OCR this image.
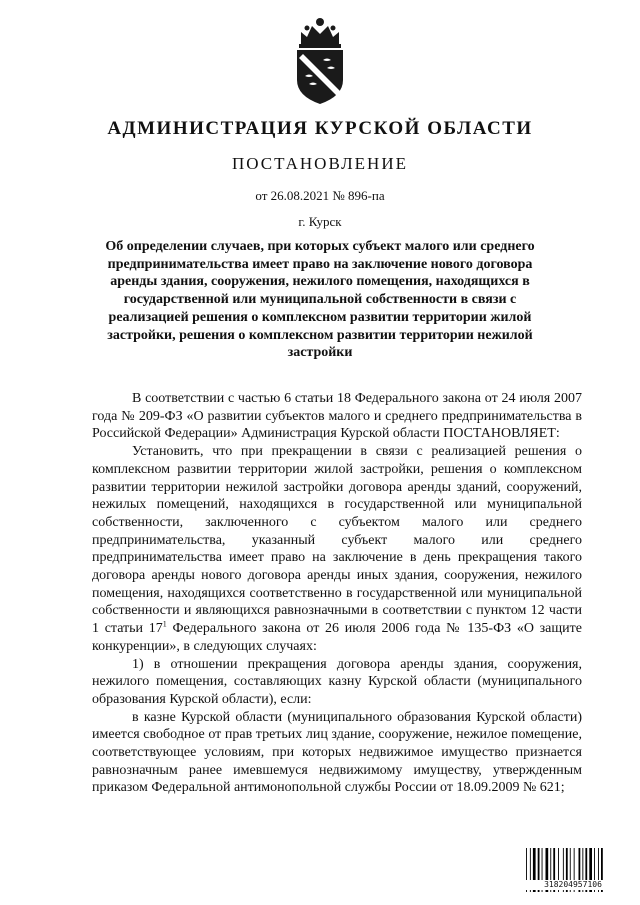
АДМИНИСТРАЦИЯ КУРСКОЙ ОБЛАСТИ
ПОСТАНОВЛЕНИЕ
от 26.08.2021 № 896-па
г. Курск
Об определении случаев, при которых субъект малого или среднего предпринимательства имеет право на заключение нового договора аренды здания, сооружения, нежилого помещения, находящихся в государственной или муниципальной собственности в связи с реализацией решения о комплексном развитии территории жилой застройки, решения о комплексном развитии территории нежилой застройки

В соответствии с частью 6 статьи 18 Федерального закона от 24 июля 2007 года № 209-ФЗ «О развитии субъектов малого и среднего предпринимательства в Российской Федерации» Администрация Курской области ПОСТАНОВЛЯЕТ:

Установить, что при прекращении в связи с реализацией решения о комплексном развитии территории жилой застройки, решения о комплексном развитии территории нежилой застройки договора аренды зданий, сооружений, нежилых помещений, находящихся в государственной или муниципальной собственности, заключенного с субъектом малого или среднего предпринимательства, указанный субъект малого или среднего предпринимательства имеет право на заключение в день прекращения такого договора аренды нового договора аренды иных здания, сооружения, нежилого помещения, находящихся соответственно в государственной или муниципальной собственности и являющихся равнозначными в соответствии с пунктом 12 части 1 статьи $17^1$ Федерального закона от 26 июля 2006 года № 135-ФЗ «О защите конкуренции», в следующих случаях:

1) в отношении прекращения договора аренды здания, сооружения, нежилого помещения, составляющих казну Курской области (муниципального образования Курской области), если:

в казне Курской области (муниципального образования Курской области) имеется свободное от прав третьих лиц здание, сооружение, нежилое помещение, соответствующее условиям, при которых недвижимое имущество признается равнозначным ранее имевшемуся недвижимому имуществу, утвержденным приказом Федеральной антимонопольной службы России от 18.09.2009 № 621;

318204957106
